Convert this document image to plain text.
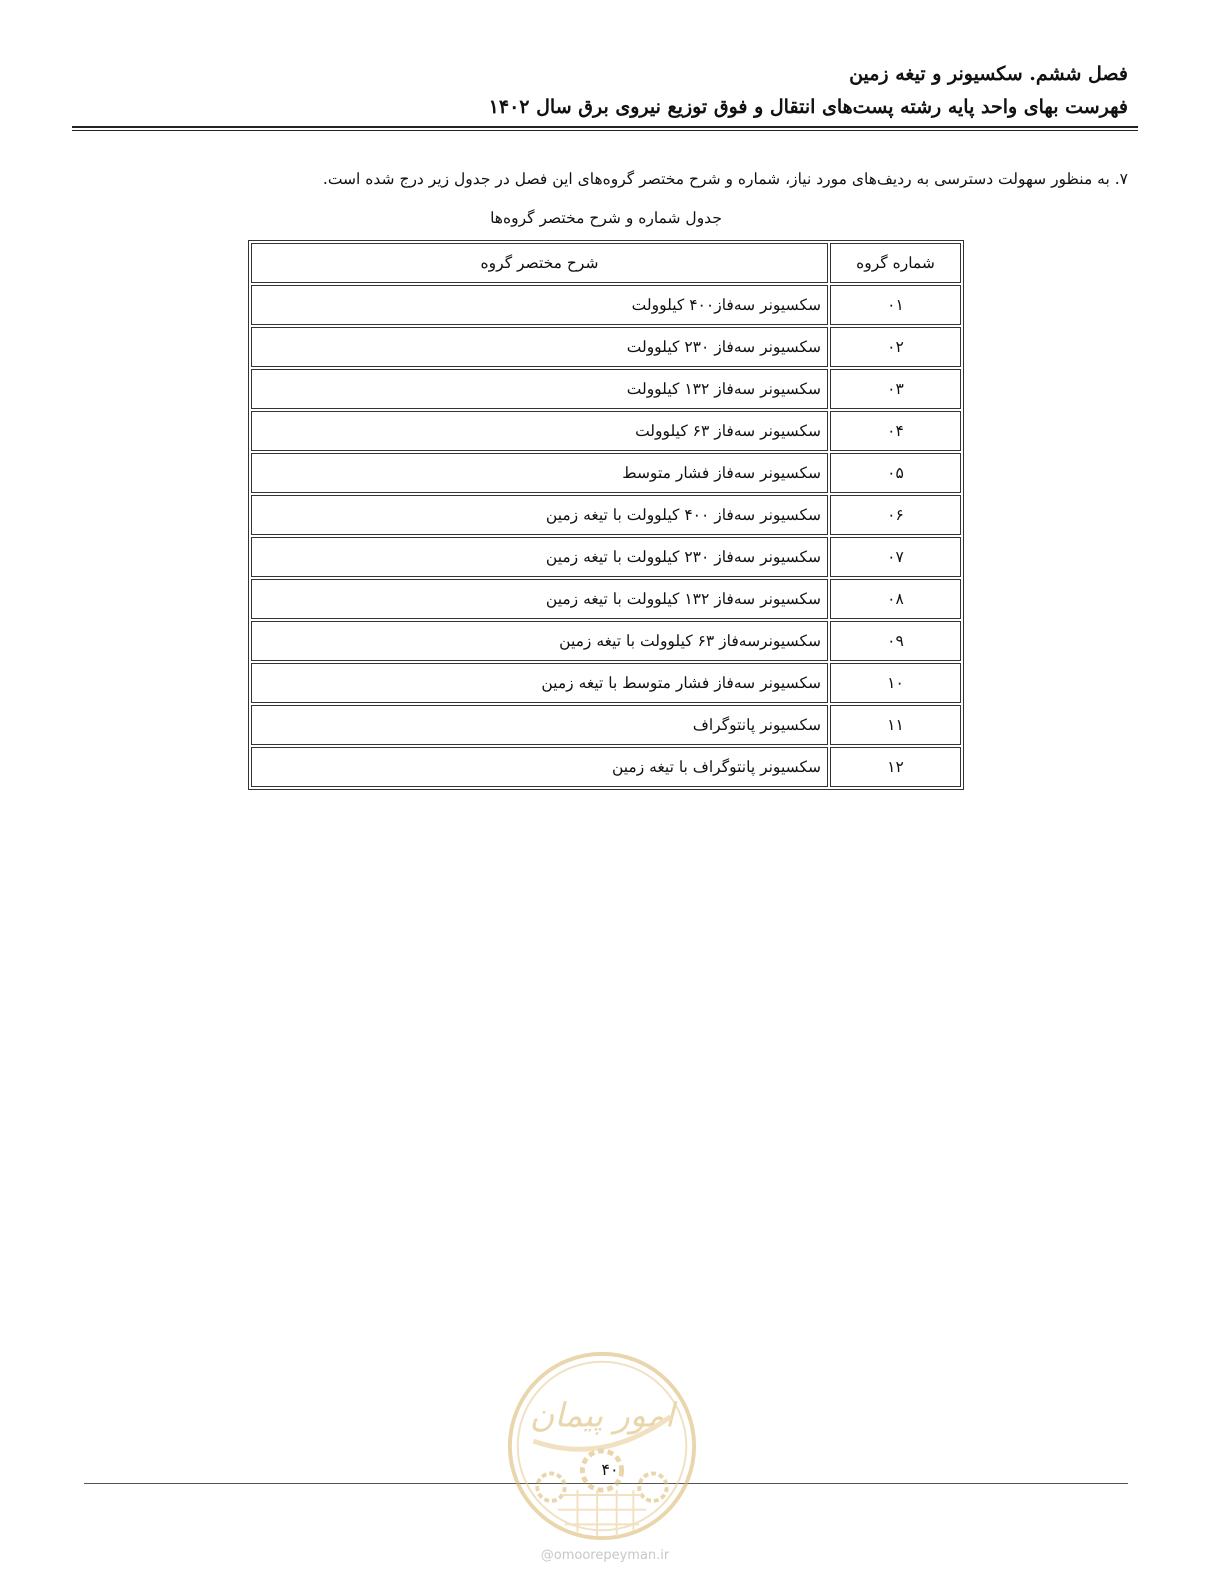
فصل ششم. سکسیونر و تیغه زمین
فهرست بهای واحد پایه رشته پست‌های انتقال و فوق توزیع نیروی برق سال ۱۴۰۲
۷. به منظور سهولت دسترسی به ردیف‌های مورد نیاز، شماره و شرح مختصر گروه‌های این فصل در جدول زیر درج شده است.
جدول شماره و شرح مختصر گروه‌ها
شماره گروه	شرح مختصر گروه
۰۱	سکسیونر سه‌فاز۴۰۰ کیلوولت
۰۲	سکسیونر سه‌فاز ۲۳۰ کیلوولت
۰۳	سکسیونر سه‌فاز ۱۳۲ کیلوولت
۰۴	سکسیونر سه‌فاز ۶۳ کیلوولت
۰۵	سکسیونر سه‌فاز فشار متوسط
۰۶	سکسیونر سه‌فاز ۴۰۰ کیلوولت با تیغه زمین
۰۷	سکسیونر سه‌فاز ۲۳۰ کیلوولت با تیغه زمین
۰۸	سکسیونر سه‌فاز ۱۳۲ کیلوولت با تیغه زمین
۰۹	سکسیونرسه‌فاز ۶۳ کیلوولت با تیغه زمین
۱۰	سکسیونر سه‌فاز فشار متوسط با تیغه زمین
۱۱	سکسیونر پانتوگراف
۱۲	سکسیونر پانتوگراف با تیغه زمین
امور پیمان
۴۰
@omoorepeyman.ir
